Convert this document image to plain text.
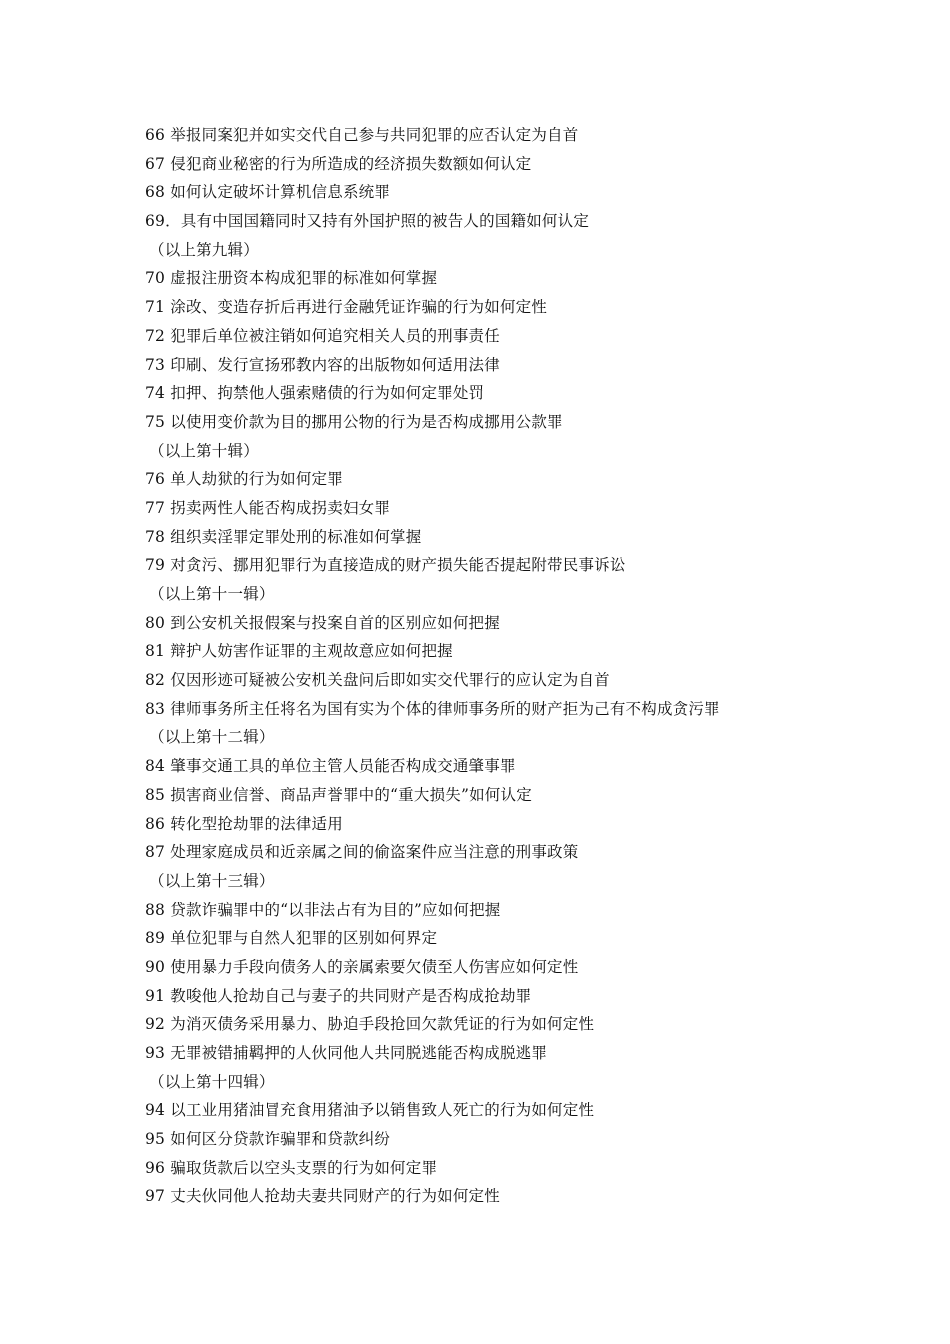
66 举报同案犯并如实交代自己参与共同犯罪的应否认定为自首
67 侵犯商业秘密的行为所造成的经济损失数额如何认定
68 如何认定破坏计算机信息系统罪
69．具有中国国籍同时又持有外国护照的被告人的国籍如何认定
（以上第九辑）
70 虚报注册资本构成犯罪的标准如何掌握
71 涂改、变造存折后再进行金融凭证诈骗的行为如何定性
72 犯罪后单位被注销如何追究相关人员的刑事责任
73 印刷、发行宣扬邪教内容的出版物如何适用法律
74 扣押、拘禁他人强索赌债的行为如何定罪处罚
75 以使用变价款为目的挪用公物的行为是否构成挪用公款罪
（以上第十辑）
76 单人劫狱的行为如何定罪
77 拐卖两性人能否构成拐卖妇女罪
78 组织卖淫罪定罪处刑的标准如何掌握
79 对贪污、挪用犯罪行为直接造成的财产损失能否提起附带民事诉讼
（以上第十一辑）
80 到公安机关报假案与投案自首的区别应如何把握
81 辩护人妨害作证罪的主观故意应如何把握
82 仅因形迹可疑被公安机关盘问后即如实交代罪行的应认定为自首
83 律师事务所主任将名为国有实为个体的律师事务所的财产拒为己有不构成贪污罪
（以上第十二辑）
84 肇事交通工具的单位主管人员能否构成交通肇事罪
85 损害商业信誉、商品声誉罪中的“重大损失”如何认定
86 转化型抢劫罪的法律适用
87 处理家庭成员和近亲属之间的偷盗案件应当注意的刑事政策
（以上第十三辑）
88 贷款诈骗罪中的“以非法占有为目的”应如何把握
89 单位犯罪与自然人犯罪的区别如何界定
90 使用暴力手段向债务人的亲属索要欠债至人伤害应如何定性
91 教唆他人抢劫自己与妻子的共同财产是否构成抢劫罪
92 为消灭债务采用暴力、胁迫手段抢回欠款凭证的行为如何定性
93 无罪被错捕羁押的人伙同他人共同脱逃能否构成脱逃罪
（以上第十四辑）
94 以工业用猪油冒充食用猪油予以销售致人死亡的行为如何定性
95 如何区分贷款诈骗罪和贷款纠纷
96 骗取货款后以空头支票的行为如何定罪
97 丈夫伙同他人抢劫夫妻共同财产的行为如何定性
